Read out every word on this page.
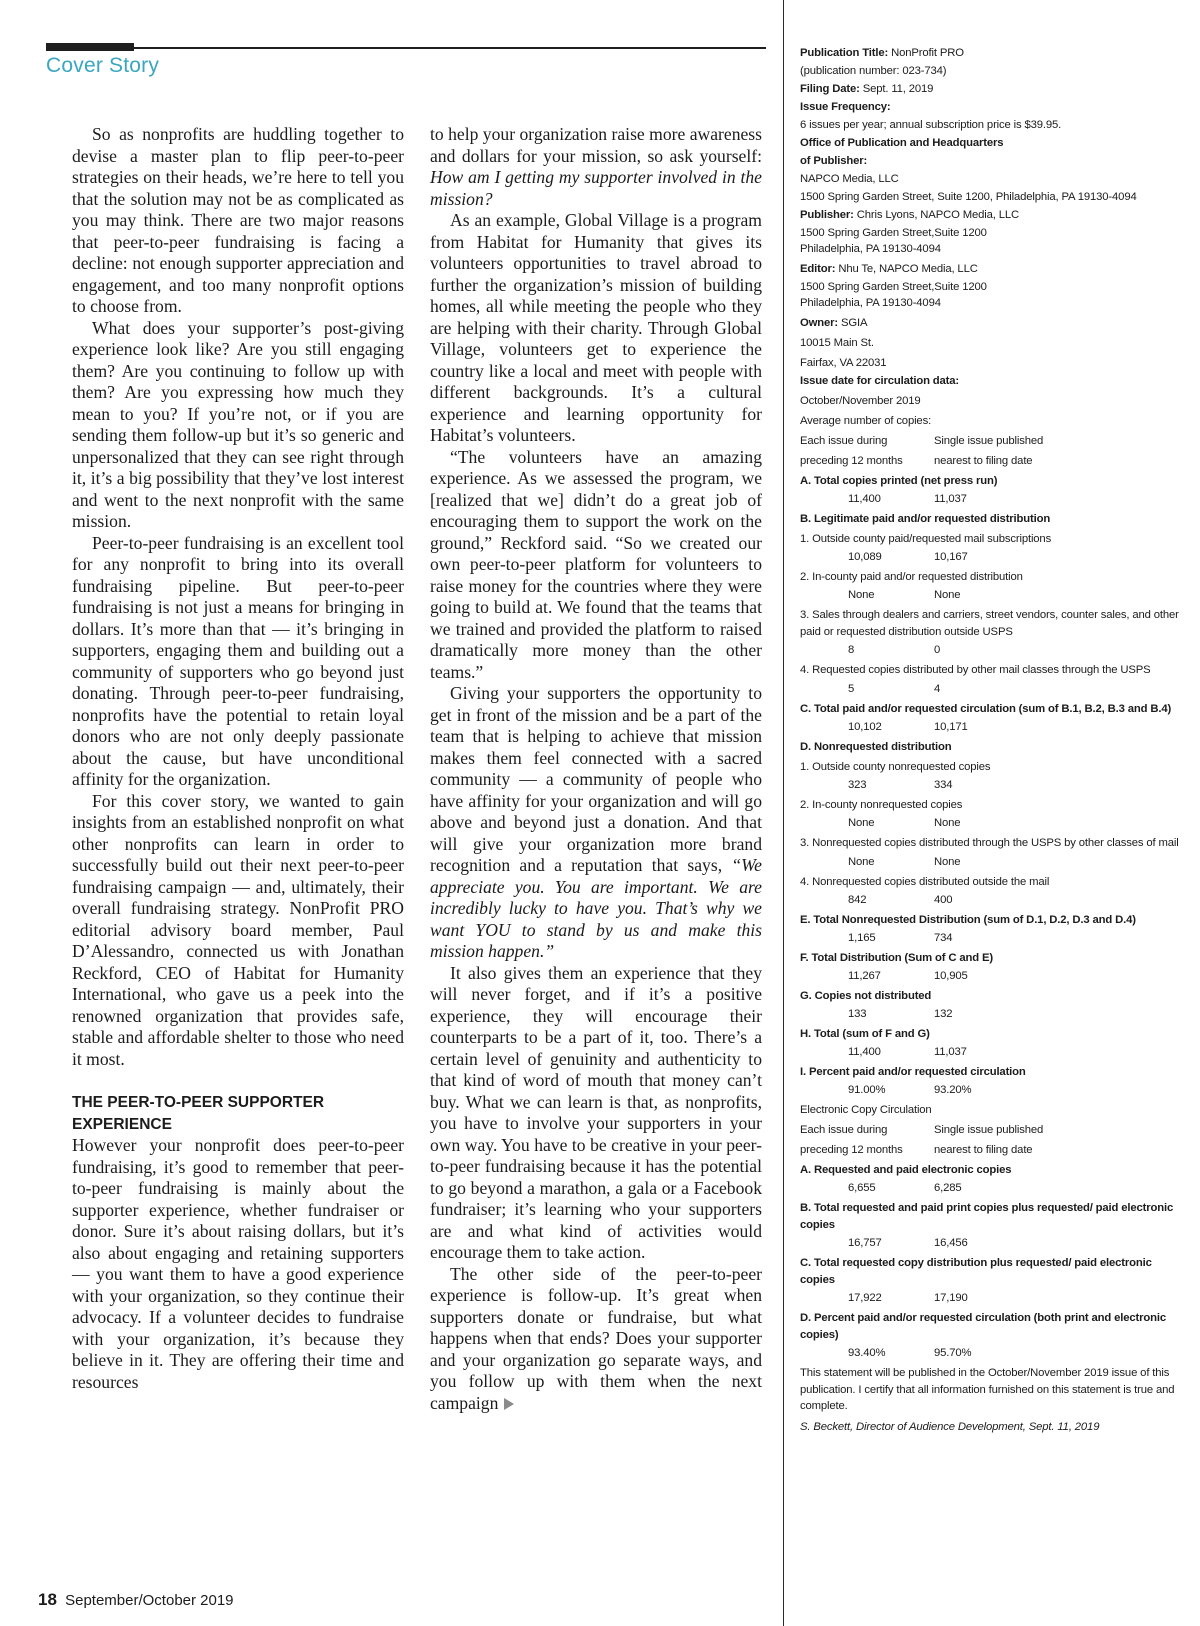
Cover Story

So as nonprofits are huddling together to devise a master plan to flip peer-to-peer strategies on their heads, we’re here to tell you that the solution may not be as complicated as you may think. There are two major reasons that peer-to-peer fundraising is facing a decline: not enough supporter appreciation and engagement, and too many nonprofit options to choose from.

What does your supporter’s post-giving experience look like? Are you still engaging them? Are you continuing to follow up with them? Are you expressing how much they mean to you? If you’re not, or if you are sending them follow-up but it’s so generic and unpersonalized that they can see right through it, it’s a big possibility that they’ve lost interest and went to the next nonprofit with the same mission.

Peer-to-peer fundraising is an excellent tool for any nonprofit to bring into its overall fundraising pipeline. But peer-to-peer fundraising is not just a means for bringing in dollars. It’s more than that — it’s bringing in supporters, engaging them and building out a community of supporters who go beyond just donating. Through peer-to-peer fundraising, nonprofits have the potential to retain loyal donors who are not only deeply passionate about the cause, but have unconditional affinity for the organization.

For this cover story, we wanted to gain insights from an established nonprofit on what other nonprofits can learn in order to successfully build out their next peer-to-peer fundraising campaign — and, ultimately, their overall fundraising strategy. NonProfit PRO editorial advisory board member, Paul D’Alessandro, connected us with Jonathan Reckford, CEO of Habitat for Humanity International, who gave us a peek into the renowned organization that provides safe, stable and affordable shelter to those who need it most.

THE PEER-TO-PEER SUPPORTER EXPERIENCE

However your nonprofit does peer-to-peer fundraising, it’s good to remember that peer-to-peer fundraising is mainly about the supporter experience, whether fundraiser or donor. Sure it’s about raising dollars, but it’s also about engaging and retaining supporters — you want them to have a good experience with your organization, so they continue their advocacy. If a volunteer decides to fundraise with your organization, it’s because they believe in it. They are offering their time and resources

to help your organization raise more awareness and dollars for your mission, so ask yourself: How am I getting my supporter involved in the mission?

As an example, Global Village is a program from Habitat for Humanity that gives its volunteers opportunities to travel abroad to further the organization’s mission of building homes, all while meeting the people who they are helping with their charity. Through Global Village, volunteers get to experience the country like a local and meet with people with different backgrounds. It’s a cultural experience and learning opportunity for Habitat’s volunteers.

“The volunteers have an amazing experience. As we assessed the program, we [realized that we] didn’t do a great job of encouraging them to support the work on the ground,” Reckford said. “So we created our own peer-to-peer platform for volunteers to raise money for the countries where they were going to build at. We found that the teams that we trained and provided the platform to raised dramatically more money than the other teams.”

Giving your supporters the opportunity to get in front of the mission and be a part of the team that is helping to achieve that mission makes them feel connected with a sacred community — a community of people who have affinity for your organization and will go above and beyond just a donation. And that will give your organization more brand recognition and a reputation that says, “We appreciate you. You are important. We are incredibly lucky to have you. That’s why we want YOU to stand by us and make this mission happen.”

It also gives them an experience that they will never forget, and if it’s a positive experience, they will encourage their counterparts to be a part of it, too. There’s a certain level of genuinity and authenticity to that kind of word of mouth that money can’t buy. What we can learn is that, as nonprofits, you have to involve your supporters in your own way. You have to be creative in your peer-to-peer fundraising because it has the potential to go beyond a marathon, a gala or a Facebook fundraiser; it’s learning who your supporters are and what kind of activities would encourage them to take action.

The other side of the peer-to-peer experience is follow-up. It’s great when supporters donate or fundraise, but what happens when that ends? Does your supporter and your organization go separate ways, and you follow up with them when the next campaign

18 September/October 2019
Publication Title: NonProfit PRO
(publication number: 023-734)
Filing Date: Sept. 11, 2019
Issue Frequency:
6 issues per year; annual subscription price is $39.95.
Office of Publication and Headquarters
of Publisher:
NAPCO Media, LLC
1500 Spring Garden Street, Suite 1200, Philadelphia, PA 19130-4094
Publisher: Chris Lyons, NAPCO Media, LLC
1500 Spring Garden Street,Suite 1200
Philadelphia, PA 19130-4094
Editor: Nhu Te, NAPCO Media, LLC
1500 Spring Garden Street,Suite 1200
Philadelphia, PA 19130-4094
Owner: SGIA
10015 Main St.
Fairfax, VA 22031
Issue date for circulation data:
October/November 2019
Average number of copies:
Each issue during	Single issue published
preceding 12 months	nearest to filing date
A. Total copies printed (net press run)
11,400	11,037
B. Legitimate paid and/or requested distribution
1. Outside county paid/requested mail subscriptions
10,089	10,167
2. In-county paid and/or requested distribution
None	None
3. Sales through dealers and carriers, street vendors, counter sales, and other paid or requested distribution outside USPS
8	0
4. Requested copies distributed by other mail classes through the USPS
5	4
C. Total paid and/or requested circulation (sum of B.1, B.2, B.3 and B.4)
10,102	10,171
D. Nonrequested distribution
1. Outside county nonrequested copies
323	334
2. In-county nonrequested copies
None	None
3. Nonrequested copies distributed through the USPS by other classes of mail
None	None
4. Nonrequested copies distributed outside the mail
842	400
E. Total Nonrequested Distribution (sum of D.1, D.2, D.3 and D.4)
1,165	734
F. Total Distribution (Sum of C and E)
11,267	10,905
G. Copies not distributed
133	132
H. Total (sum of F and G)
11,400	11,037
I. Percent paid and/or requested circulation
91.00%	93.20%
Electronic Copy Circulation
Each issue during	Single issue published
preceding 12 months	nearest to filing date
A. Requested and paid electronic copies
6,655	6,285
B. Total requested and paid print copies plus requested/ paid electronic copies
16,757	16,456
C. Total requested copy distribution plus requested/ paid electronic copies
17,922	17,190
D. Percent paid and/or requested circulation (both print and electronic copies)
93.40%	95.70%
This statement will be published in the October/November 2019 issue of this publication. I certify that all information furnished on this statement is true and complete.
S. Beckett, Director of Audience Development, Sept. 11, 2019
